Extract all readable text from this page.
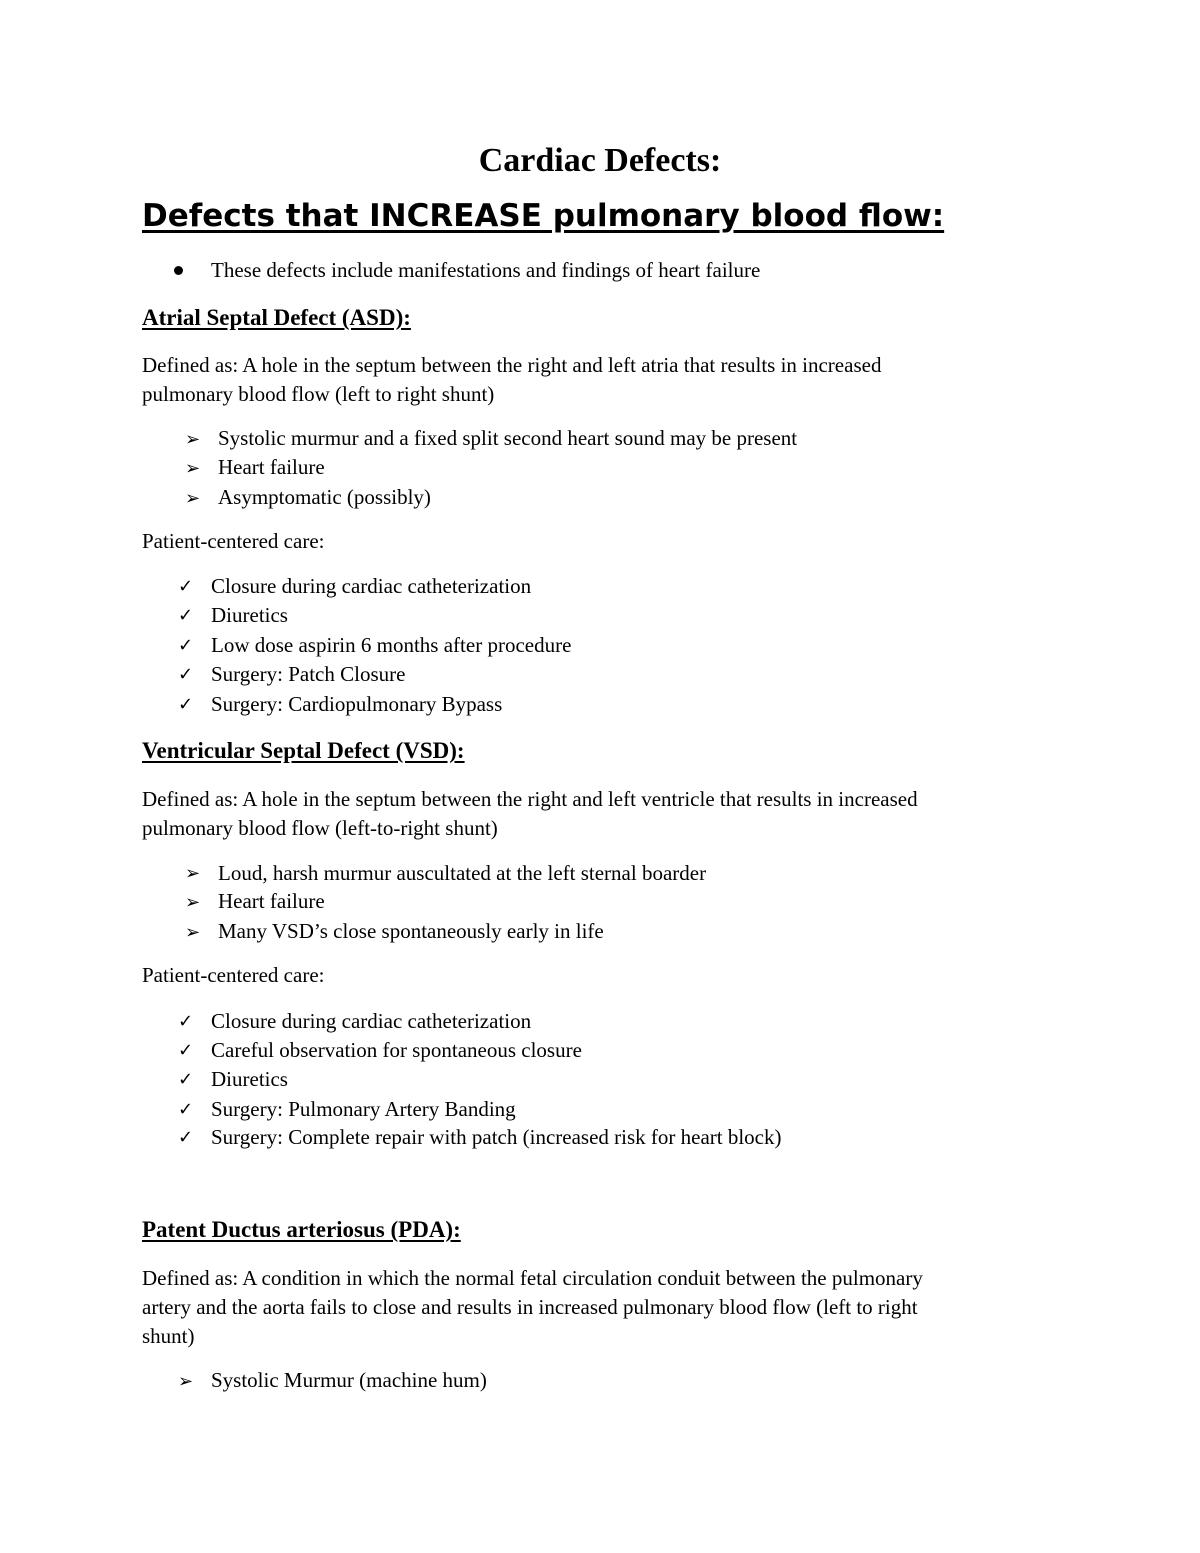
Cardiac Defects:
Defects that INCREASE pulmonary blood flow:
These defects include manifestations and findings of heart failure
Atrial Septal Defect (ASD):
Defined as: A hole in the septum between the right and left atria that results in increased
pulmonary blood flow (left to right shunt)
➢ Systolic murmur and a fixed split second heart sound may be present
➢ Heart failure
➢ Asymptomatic (possibly)
Patient-centered care:
✓ Closure during cardiac catheterization
✓ Diuretics
✓ Low dose aspirin 6 months after procedure
✓ Surgery: Patch Closure
✓ Surgery: Cardiopulmonary Bypass
Ventricular Septal Defect (VSD):
Defined as: A hole in the septum between the right and left ventricle that results in increased
pulmonary blood flow (left-to-right shunt)
➢ Loud, harsh murmur auscultated at the left sternal boarder
➢ Heart failure
➢ Many VSD’s close spontaneously early in life
Patient-centered care:
✓ Closure during cardiac catheterization
✓ Careful observation for spontaneous closure
✓ Diuretics
✓ Surgery: Pulmonary Artery Banding
✓ Surgery: Complete repair with patch (increased risk for heart block)
Patent Ductus arteriosus (PDA):
Defined as: A condition in which the normal fetal circulation conduit between the pulmonary
artery and the aorta fails to close and results in increased pulmonary blood flow (left to right
shunt)
➢ Systolic Murmur (machine hum)
